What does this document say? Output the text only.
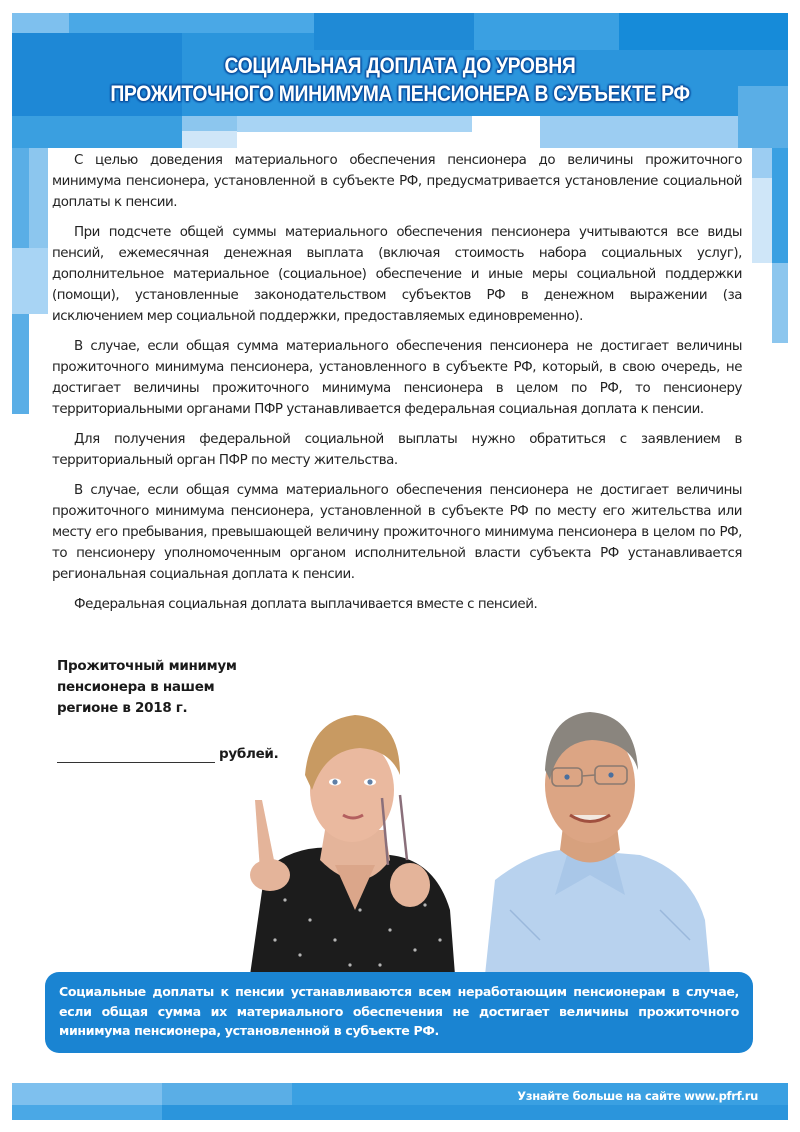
СОЦИАЛЬНАЯ ДОПЛАТА ДО УРОВНЯ
ПРОЖИТОЧНОГО МИНИМУМА ПЕНСИОНЕРА В СУБЪЕКТЕ РФ

С целью доведения материального обеспечения пенсионера до величины прожиточного минимума пенсионера, установленной в субъекте РФ, предусматривается установление социальной доплаты к пенсии.

При подсчете общей суммы материального обеспечения пенсионера учитываются все виды пенсий, ежемесячная денежная выплата (включая стоимость набора социальных услуг), дополнительное материальное (социальное) обеспечение и иные меры социальной поддержки (помощи), установленные законодательством субъектов РФ в денежном выражении (за исключением мер социальной поддержки, предоставляемых единовременно).

В случае, если общая сумма материального обеспечения пенсионера не достигает величины прожиточного минимума пенсионера, установленного в субъекте РФ, который, в свою очередь, не достигает величины прожиточного минимума пенсионера в целом по РФ, то пенсионеру территориальными органами ПФР устанавливается федеральная социальная доплата к пенсии.

Для получения федеральной социальной выплаты нужно обратиться с заявлением в территориальный орган ПФР по месту жительства.

В случае, если общая сумма материального обеспечения пенсионера не достигает величины прожиточного минимума пенсионера, установленной в субъекте РФ по месту его жительства или месту его пребывания, превышающей величину прожиточного минимума пенсионера в целом по РФ, то пенсионеру уполномоченным органом исполнительной власти субъекта РФ устанавливается региональная социальная доплата к пенсии.

Федеральная социальная доплата выплачивается вместе с пенсией.

Прожиточный минимум
пенсионера в нашем
регионе в 2018 г.
рублей.
Социальные доплаты к пенсии устанавливаются всем неработающим пенсионерам в случае, если общая сумма их материального обеспечения не достигает величины прожиточного минимума пенсионера, установленной в субъекте РФ.
Узнайте больше на сайте www.pfrf.ru
